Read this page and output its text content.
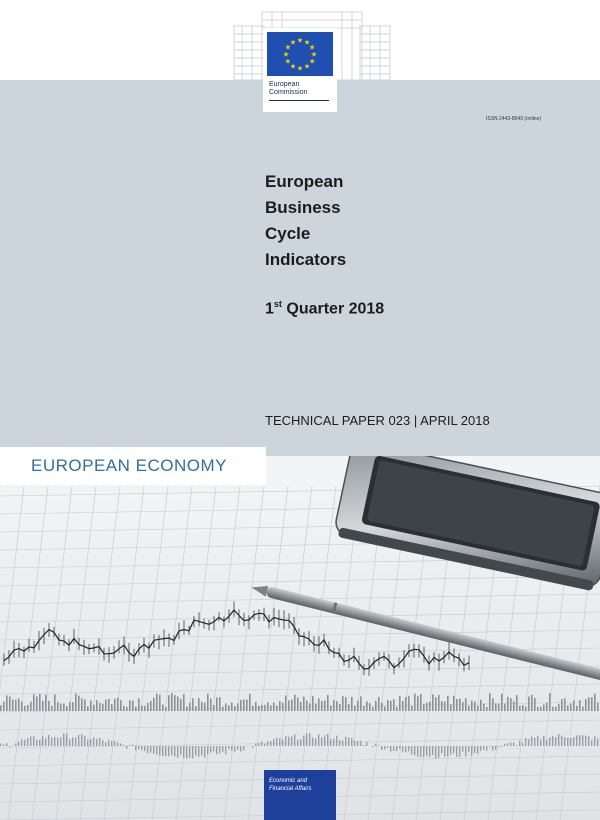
★ ★
★
★
★
★
★
★
★
★
★
★
European
Commission
ISSN 2443-8049 (online)
European
Business
Cycle
Indicators
1st Quarter 2018
TECHNICAL PAPER 023 | APRIL 2018
EUROPEAN ECONOMY
Economic and
Financial Affairs
